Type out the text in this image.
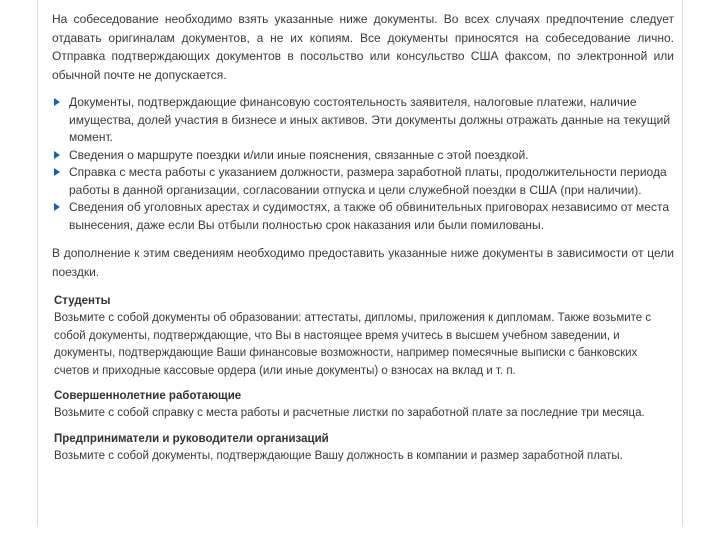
На собеседование необходимо взять указанные ниже документы. Во всех случаях предпочтение следует отдавать оригиналам документов, а не их копиям. Все документы приносятся на собеседование лично. Отправка подтверждающих документов в посольство или консульство США факсом, по электронной или обычной почте не допускается.

Документы, подтверждающие финансовую состоятельность заявителя, налоговые платежи, наличие имущества, долей участия в бизнесе и иных активов. Эти документы должны отражать данные на текущий момент.
Сведения о маршруте поездки и/или иные пояснения, связанные с этой поездкой.
Справка с места работы с указанием должности, размера заработной платы, продолжительности периода работы в данной организации, согласовании отпуска и цели служебной поездки в США (при наличии).
Сведения об уголовных арестах и судимостях, а также об обвинительных приговорах независимо от места вынесения, даже если Вы отбыли полностью срок наказания или были помилованы.

В дополнение к этим сведениям необходимо предоставить указанные ниже документы в зависимости от цели поездки.

Студенты

Возьмите с собой документы об образовании: аттестаты, дипломы, приложения к дипломам. Также возьмите с собой документы, подтверждающие, что Вы в настоящее время учитесь в высшем учебном заведении, и документы, подтверждающие Ваши финансовые возможности, например помесячные выписки с банковских счетов и приходные кассовые ордера (или иные документы) о взносах на вклад и т. п.

Совершеннолетние работающие

Возьмите с собой справку с места работы и расчетные листки по заработной плате за последние три месяца.

Предприниматели и руководители организаций

Возьмите с собой документы, подтверждающие Вашу должность в компании и размер заработной платы.
